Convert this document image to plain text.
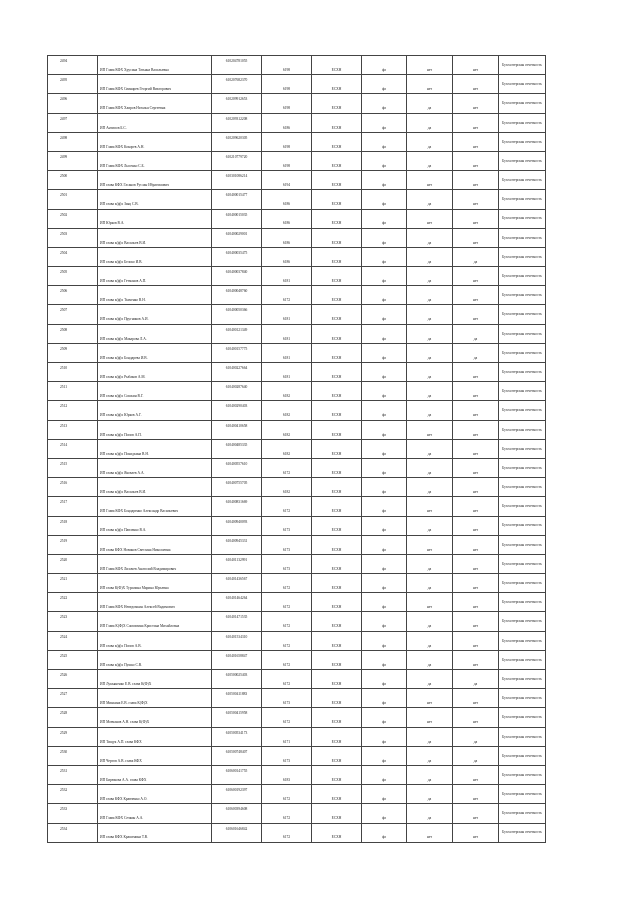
2494	ИП Глава КФХ Хрусина Татьяна Васильевна	610204781055	6198	ЕСХН	фл	нет	нет	Бухгалтерская отчетность
2495	ИП Глава КФХ Свинарев Георгий Викторович	610207682370	6198	ЕСХН	фл	нет	нет	Бухгалтерская отчетность
2496	ИП Глава КФХ Хаиров Наталья Сергеевна	610209912653	6198	ЕСХН	фл	да	нет	Бухгалтерская отчетность
2497	ИП Антипов Б.С.	610209312208	6186	ЕСХН	фл	да	нет	Бухгалтерская отчетность
2498	ИП Глава КФХ Кокорев А.Н.	610209620305	6198	ЕСХН	фл	да	нет	Бухгалтерская отчетность
2499	ИП Глава КФХ Лысенко С.Б.	610210779720	6198	ЕСХН	фл	да	нет	Бухгалтерская отчетность
2500	ИП глава КФХ Гасанов Руслан Ибрагимович	610301086214	6194	ЕСХН	фл	нет	нет	Бухгалтерская отчетность
2501	ИП глава к(ф)х Заяц С.В.	610400015477	6186	ЕСХН	фл	да	нет	Бухгалтерская отчетность
2502	ИП Юрков В.А.	610400015035	6186	ЕСХН	фл	нет	нет	Бухгалтерская отчетность
2503	ИП глава к(ф)х Васильев В.И.	610400029001	6186	ЕСХН	фл	да	нет	Бухгалтерская отчетность
2504	ИП глава к(ф)х Белоко И.В.	610400035475	6186	ЕСХН	фл	да	да	Бухгалтерская отчетность
2505	ИП глава к(ф)х Гетманов А.П.	610400037840	6181	ЕСХН	фл	да	нет	Бухгалтерская отчетность
2506	ИП глава к(ф)х Ткаченко В.Н.	610400048760	6172	ЕСХН	фл	да	нет	Бухгалтерская отчетность
2507	ИП глава к(ф)х Пругников А.И.	610400050366	6181	ЕСХН	фл	да	нет	Бухгалтерская отчетность
2508	ИП глава к(ф)х Макарова Л.А.	610400121349	6181	ЕСХН	фл	да	да	Бухгалтерская отчетность
2509	ИП глава к(ф)х Бондарева И.В.	610400157775	6181	ЕСХН	фл	да	да	Бухгалтерская отчетность
2510	ИП глава к(ф)х Рыбаков А.М.	610400227664	6181	ЕСХН	фл	да	нет	Бухгалтерская отчетность
2511	ИП глава к(ф)х Сошкин В.Г.	610400287640	6182	ЕСХН	фл	да	нет	Бухгалтерская отчетность
2512	ИП глава к(ф)х Юрков А.Г.	610400290403	6182	ЕСХН	фл	да	нет	Бухгалтерская отчетность
2513	ИП глава к(ф)х Попов А.П.	610400410658	6182	ЕСХН	фл	нет	нет	Бухгалтерская отчетность
2514	ИП глава к(ф)х Покидкина В.Н.	610400485335	6182	ЕСХН	фл	да	нет	Бухгалтерская отчетность
2515	ИП глава к(ф)х Яковлев А.А.	610400557610	6172	ЕСХН	фл	да	нет	Бухгалтерская отчетность
2516	ИП глава к(ф)х Васильев В.И.	610400755705	6182	ЕСХН	фл	да	нет	Бухгалтерская отчетность
2517	ИП Глава КФХ Бондаренко Александр Васильевич	610400831669	6172	ЕСХН	фл	нет	нет	Бухгалтерская отчетность
2518	ИП глава к(ф)х Павленко В.А.	610400940093	6173	ЕСХН	фл	да	нет	Бухгалтерская отчетность
2519	ИП глава КФХ Новиков Светлана Николаевна	610400945331	6173	ЕСХН	фл	нет	нет	Бухгалтерская отчетность
2520	ИП Глава КФХ Лихачев Анатолий Владимирович	610401132991	6173	ЕСХН	фл	да	нет	Бухгалтерская отчетность
2521	ИП глава К(Ф)Х Турилина Марина Юрьевна	610401436567	6172	ЕСХН	фл	да	нет	Бухгалтерская отчетность
2522	ИП Глава КФХ Неведомкин Алексей Вадимович	610401464264	6172	ЕСХН	фл	нет	нет	Бухгалтерская отчетность
2523	ИП Глава К(Ф)Х Самохвина Кристина Михайловна	610401471535	6172	ЕСХН	фл	да	нет	Бухгалтерская отчетность
2524	ИП глава к(ф)х Попов А.В.	610401534310	6172	ЕСХН	фл	да	нет	Бухгалтерская отчетность
2525	ИП глава к(ф)х Пушко С.В.	610401658847	6172	ЕСХН	фл	да	нет	Бухгалтерская отчетность
2526	ИП Лукьяненко Е.В. глава К(Ф)Х	610500025403	6172	ЕСХН	фл	да	да	Бухгалтерская отчетность
2527	ИП Минкина Е.В. глава К(Ф)Х	610500411883	6173	ЕСХН	фл	нет	нет	Бухгалтерская отчетность
2528	ИП Мовчанов А.Н. глава К(Ф)Х	610500415958	6172	ЕСХН	фл	нет	нет	Бухгалтерская отчетность
2529	ИП Тищук А.П. глава КФХ	610500534173	6171	ЕСХН	фл	да	да	Бухгалтерская отчетность
2530	ИП Чертов А.В. глава КФХ	610500748407	6173	ЕСХН	фл	да	да	Бухгалтерская отчетность
2531	ИП Бирюкова А.А. глава КФХ	610600141755	6183	ЕСХН	фл	да	нет	Бухгалтерская отчетность
2532	ИП глава КФХ Кравченко А.О.	610600192397	6172	ЕСХН	фл	да	нет	Бухгалтерская отчетность
2533	ИП Глава КФХ Сечкин А.А.	610600394608	6172	ЕСХН	фл	да	нет	Бухгалтерская отчетность
2534	ИП глава КФХ Крашенина Т.В.	610601646842	6172	ЕСХН	фл	нет	нет	Бухгалтерская отчетность
